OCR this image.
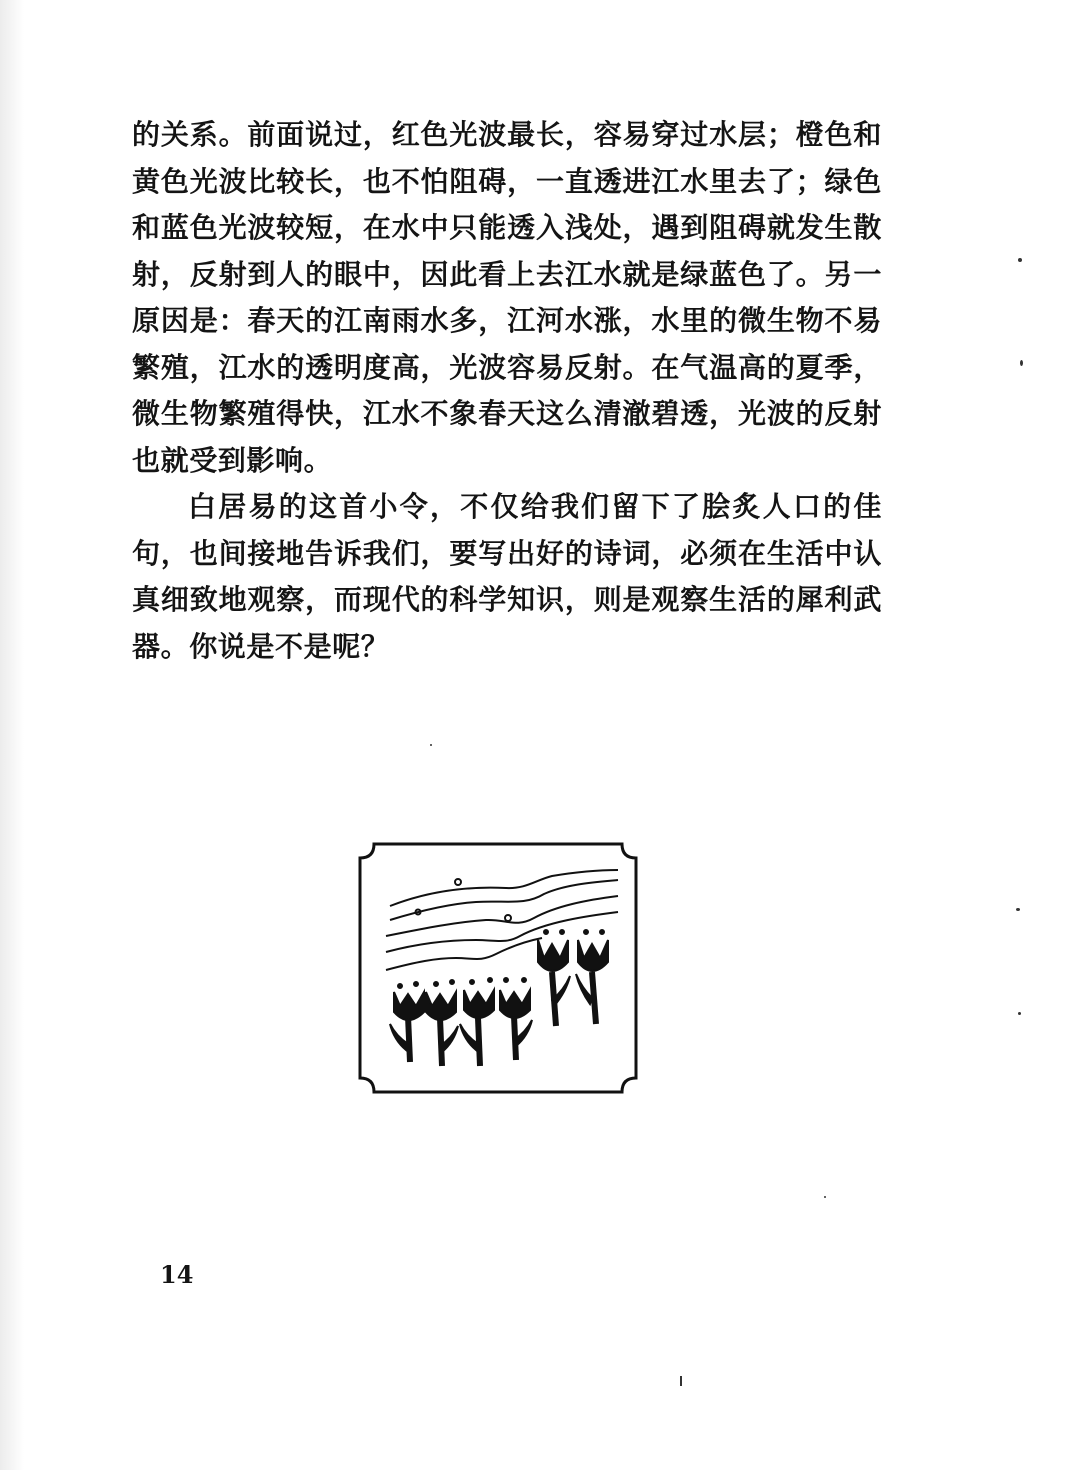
的关系。前面说过，红色光波最长，容易穿过水层；橙色和黄色光波比较长，也不怕阻碍，一直透进江水里去了；绿色和蓝色光波较短，在水中只能透入浅处，遇到阻碍就发生散射，反射到人的眼中，因此看上去江水就是绿蓝色了。另一原因是：春天的江南雨水多，江河水涨，水里的微生物不易繁殖，江水的透明度高，光波容易反射。在气温高的夏季，微生物繁殖得快，江水不象春天这么清澈碧透，光波的反射也就受到影响。

白居易的这首小令，不仅给我们留下了脍炙人口的佳句，也间接地告诉我们，要写出好的诗词，必须在生活中认真细致地观察，而现代的科学知识，则是观察生活的犀利武器。你说是不是呢？

14
